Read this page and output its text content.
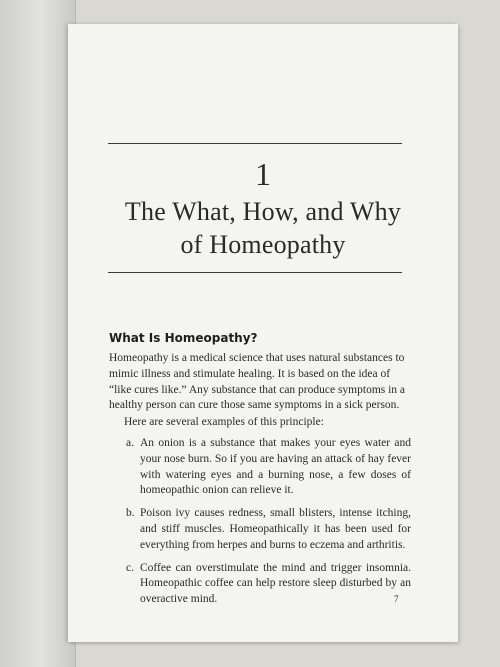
1
The What, How, and Why
of Homeopathy
What Is Homeopathy?
Homeopathy is a medical science that uses natural substances to mimic illness and stimulate healing. It is based on the idea of “like cures like.” Any substance that can produce symptoms in a healthy person can cure those same symptoms in a sick person.
Here are several examples of this principle:
a. An onion is a substance that makes your eyes water and your nose burn. So if you are having an attack of hay fever with watering eyes and a burning nose, a few doses of homeopathic onion can relieve it.
b. Poison ivy causes redness, small blisters, intense itching, and stiff muscles. Homeopathically it has been used for everything from herpes and burns to eczema and arthritis.
c. Coffee can overstimulate the mind and trigger insomnia. Homeopathic coffee can help restore sleep disturbed by an overactive mind.	7
